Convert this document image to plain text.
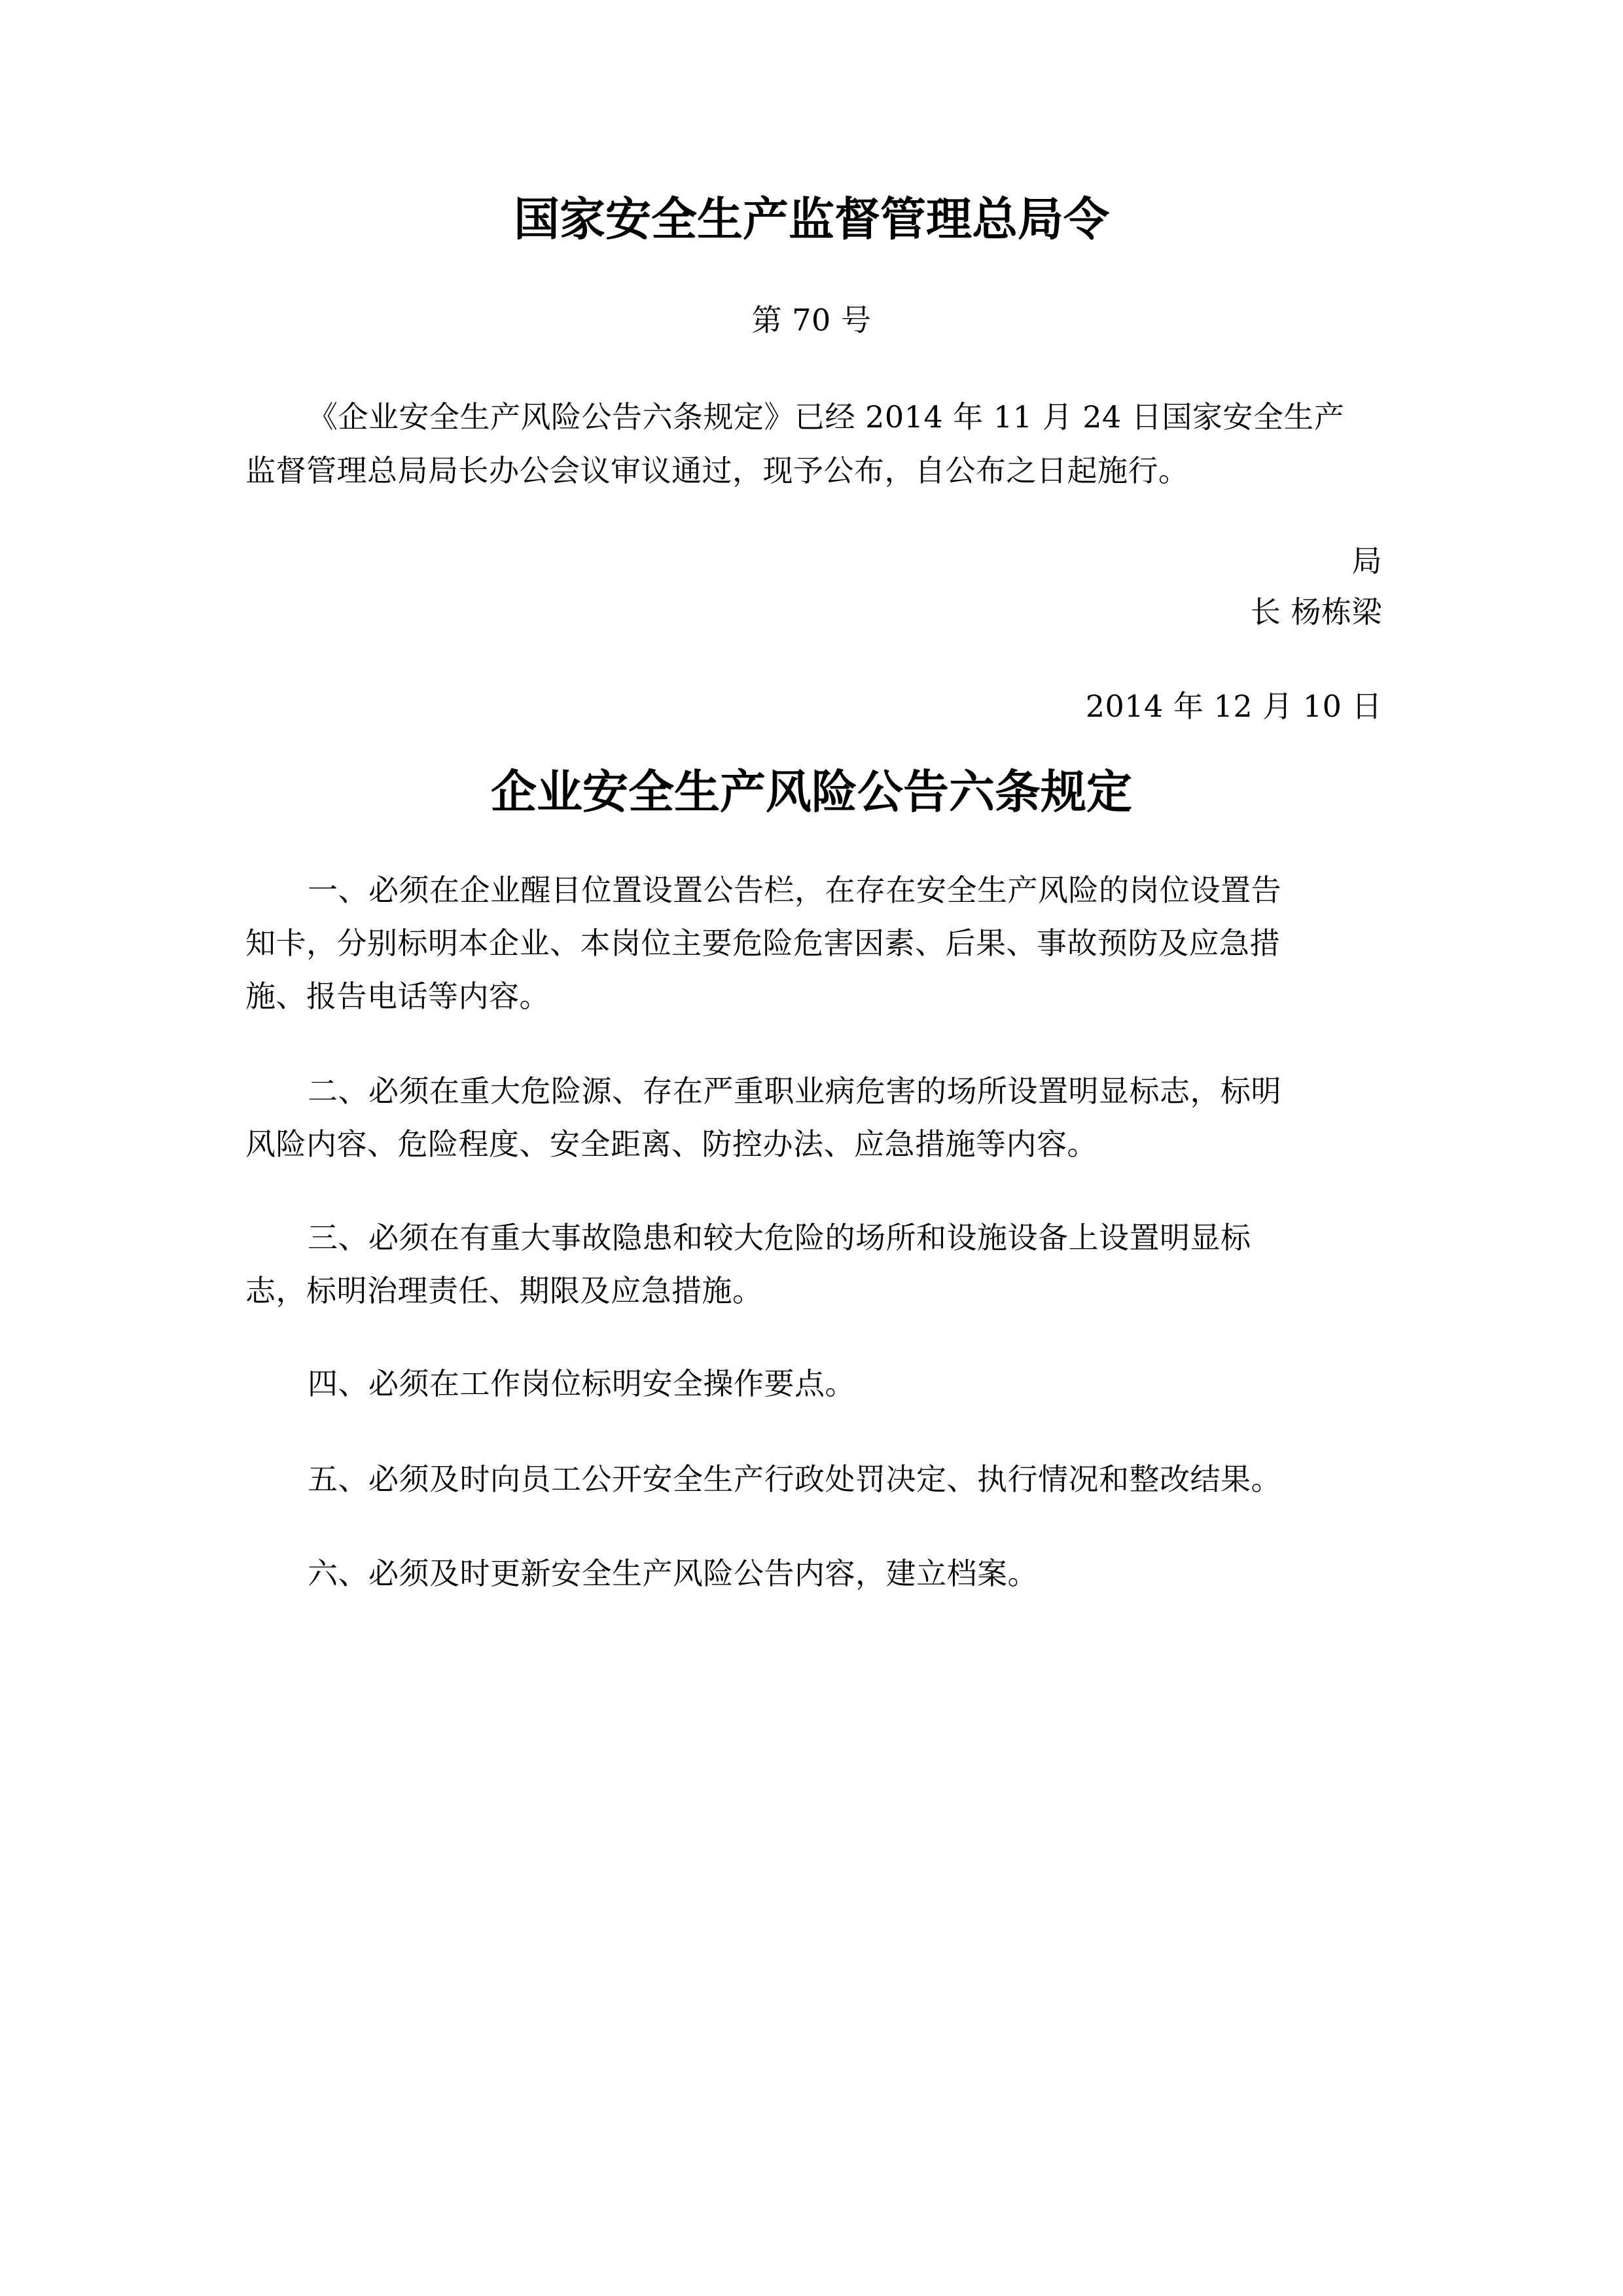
国家安全生产监督管理总局令
第 70 号
《企业安全生产风险公告六条规定》已经 2014 年 11 月 24 日国家安全生产
监督管理总局局长办公会议审议通过，现予公布，自公布之日起施行。
局
长 杨栋梁
2014 年 12 月 10 日
企业安全生产风险公告六条规定
一、必须在企业醒目位置设置公告栏，在存在安全生产风险的岗位设置告
知卡，分别标明本企业、本岗位主要危险危害因素、后果、事故预防及应急措
施、报告电话等内容。
二、必须在重大危险源、存在严重职业病危害的场所设置明显标志，标明
风险内容、危险程度、安全距离、防控办法、应急措施等内容。
三、必须在有重大事故隐患和较大危险的场所和设施设备上设置明显标
志，标明治理责任、期限及应急措施。
四、必须在工作岗位标明安全操作要点。
五、必须及时向员工公开安全生产行政处罚决定、执行情况和整改结果。
六、必须及时更新安全生产风险公告内容，建立档案。
